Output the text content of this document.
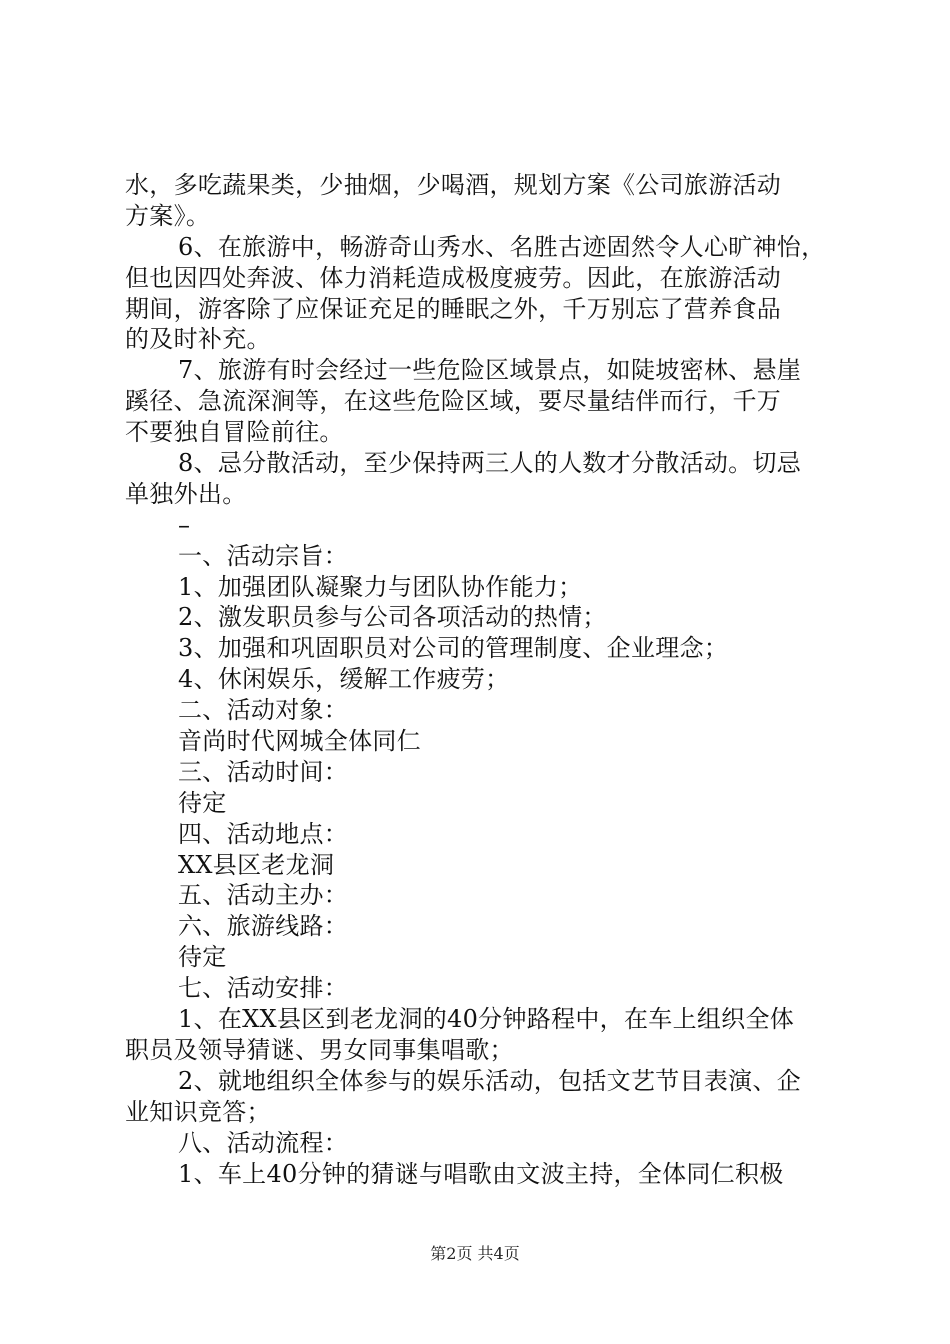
水，多吃蔬果类，少抽烟，少喝酒，规划方案《公司旅游活动
方案》。
6、在旅游中，畅游奇山秀水、名胜古迹固然令人心旷神怡，
但也因四处奔波、体力消耗造成极度疲劳。因此，在旅游活动
期间，游客除了应保证充足的睡眠之外，千万别忘了营养食品
的及时补充。
7、旅游有时会经过一些危险区域景点，如陡坡密林、悬崖
蹊径、急流深涧等，在这些危险区域，要尽量结伴而行，千万
不要独自冒险前往。
8、忌分散活动，至少保持两三人的人数才分散活动。切忌
单独外出。
–
一、活动宗旨：
1、加强团队凝聚力与团队协作能力；
2、激发职员参与公司各项活动的热情；
3、加强和巩固职员对公司的管理制度、企业理念；
4、休闲娱乐，缓解工作疲劳；
二、活动对象：
音尚时代网城全体同仁
三、活动时间：
待定
四、活动地点：
XX县区老龙洞
五、活动主办：
六、旅游线路：
待定
七、活动安排：
1、在XX县区到老龙洞的40分钟路程中，在车上组织全体
职员及领导猜谜、男女同事集唱歌；
2、就地组织全体参与的娱乐活动，包括文艺节目表演、企
业知识竞答；
八、活动流程：
1、车上40分钟的猜谜与唱歌由文波主持，全体同仁积极
第2页 共4页
